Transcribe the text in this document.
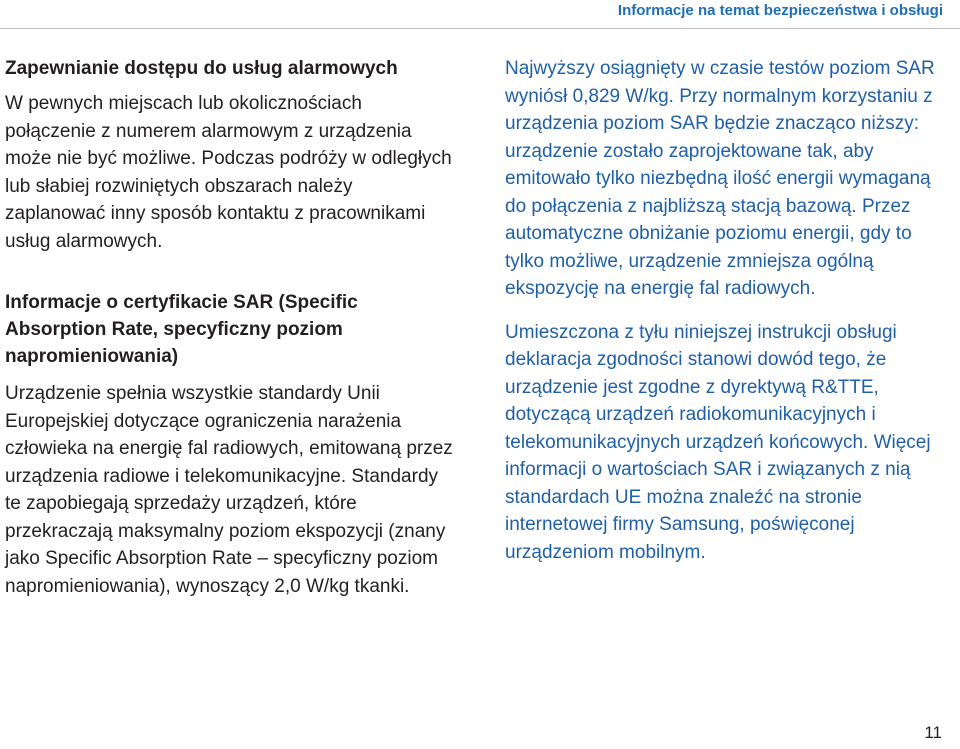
Informacje na temat bezpieczeństwa i obsługi
Zapewnianie dostępu do usług alarmowych

W pewnych miejscach lub okolicznościach połączenie z numerem alarmowym z urządzenia może nie być możliwe. Podczas podróży w odległych lub słabiej rozwiniętych obszarach należy zaplanować inny sposób kontaktu z pracownikami usług alarmowych.

Informacje o certyfikacie SAR (Specific Absorption Rate, specyficzny poziom napromieniowania)

Urządzenie spełnia wszystkie standardy Unii Europejskiej dotyczące ograniczenia narażenia człowieka na energię fal radiowych, emitowaną przez urządzenia radiowe i telekomunikacyjne. Standardy te zapobiegają sprzedaży urządzeń, które przekraczają maksymalny poziom ekspozycji (znany jako Specific Absorption Rate – specyficzny poziom napromieniowania), wynoszący 2,0 W/kg tkanki.

Najwyższy osiągnięty w czasie testów poziom SAR wyniósł 0,829 W/kg. Przy normalnym korzystaniu z urządzenia poziom SAR będzie znacząco niższy: urządzenie zostało zaprojektowane tak, aby emitowało tylko niezbędną ilość energii wymaganą do połączenia z najbliższą stacją bazową. Przez automatyczne obniżanie poziomu energii, gdy to tylko możliwe, urządzenie zmniejsza ogólną ekspozycję na energię fal radiowych.

Umieszczona z tyłu niniejszej instrukcji obsługi deklaracja zgodności stanowi dowód tego, że urządzenie jest zgodne z dyrektywą R&TTE, dotyczącą urządzeń radiokomunikacyjnych i telekomunikacyjnych urządzeń końcowych. Więcej informacji o wartościach SAR i związanych z nią standardach UE można znaleźć na stronie internetowej firmy Samsung, poświęconej urządzeniom mobilnym.

11
